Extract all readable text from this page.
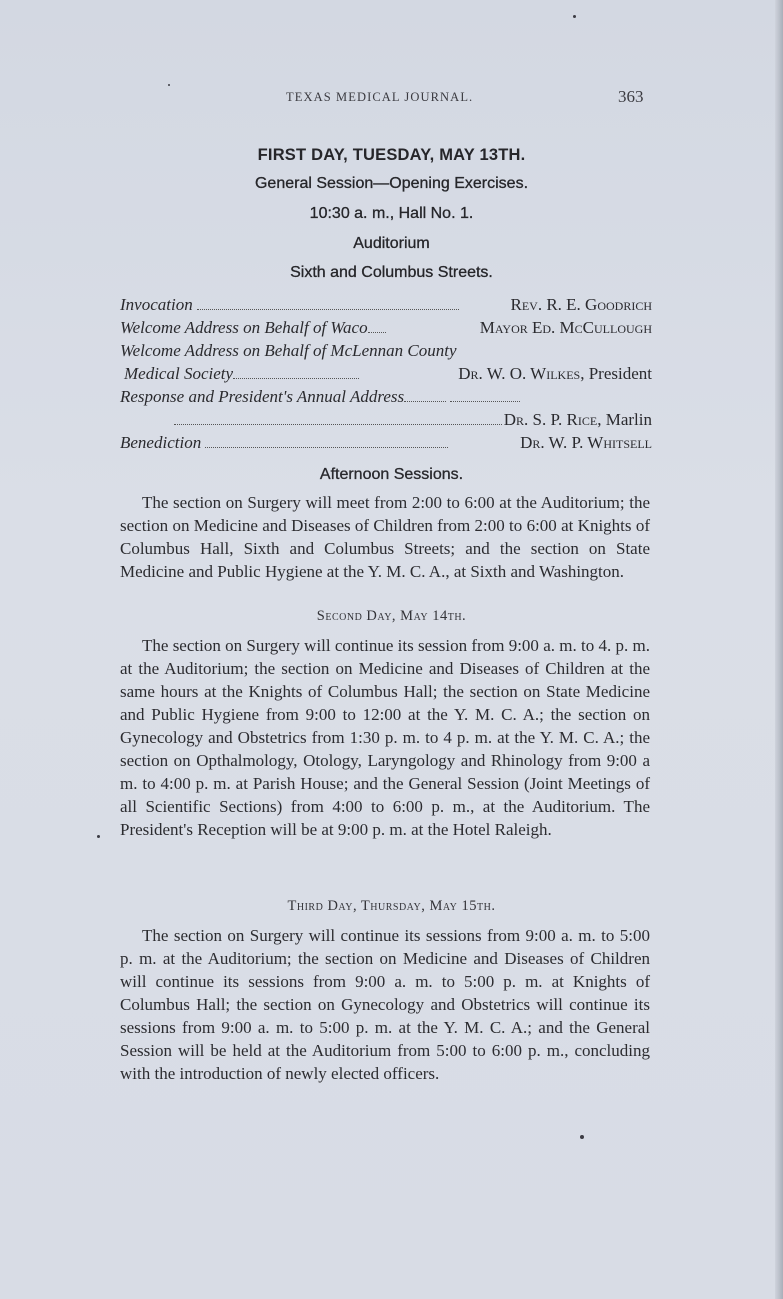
TEXAS MEDICAL JOURNAL.	363
FIRST DAY, TUESDAY, MAY 13TH.
General Session—Opening Exercises.
10:30 a. m., Hall No. 1.
Auditorium
Sixth and Columbus Streets.
Invocation	Rev. R. E. Goodrich
Welcome Address on Behalf of Waco	Mayor Ed. McCullough
Welcome Address on Behalf of McLennan County
Medical Society	Dr. W. O. Wilkes, President
Response and President's Annual Address
Dr. S. P. Rice, Marlin
Benediction	Dr. W. P. Whitsell
Afternoon Sessions.

The section on Surgery will meet from 2:00 to 6:00 at the Auditorium; the section on Medicine and Diseases of Children from 2:00 to 6:00 at Knights of Columbus Hall, Sixth and Columbus Streets; and the section on State Medicine and Public Hygiene at the Y. M. C. A., at Sixth and Washington.

Second Day, May 14th.

The section on Surgery will continue its session from 9:00 a. m. to 4. p. m. at the Auditorium; the section on Medicine and Diseases of Children at the same hours at the Knights of Columbus Hall; the section on State Medicine and Public Hygiene from 9:00 to 12:00 at the Y. M. C. A.; the section on Gynecology and Obstetrics from 1:30 p. m. to 4 p. m. at the Y. M. C. A.; the section on Opthalmology, Otology, Laryngology and Rhinology from 9:00 a m. to 4:00 p. m. at Parish House; and the General Session (Joint Meetings of all Scientific Sections) from 4:00 to 6:00 p. m., at the Auditorium. The President's Reception will be at 9:00 p. m. at the Hotel Raleigh.

Third Day, Thursday, May 15th.

The section on Surgery will continue its sessions from 9:00 a. m. to 5:00 p. m. at the Auditorium; the section on Medicine and Diseases of Children will continue its sessions from 9:00 a. m. to 5:00 p. m. at Knights of Columbus Hall; the section on Gynecology and Obstetrics will continue its sessions from 9:00 a. m. to 5:00 p. m. at the Y. M. C. A.; and the General Session will be held at the Auditorium from 5:00 to 6:00 p. m., concluding with the introduction of newly elected officers.
